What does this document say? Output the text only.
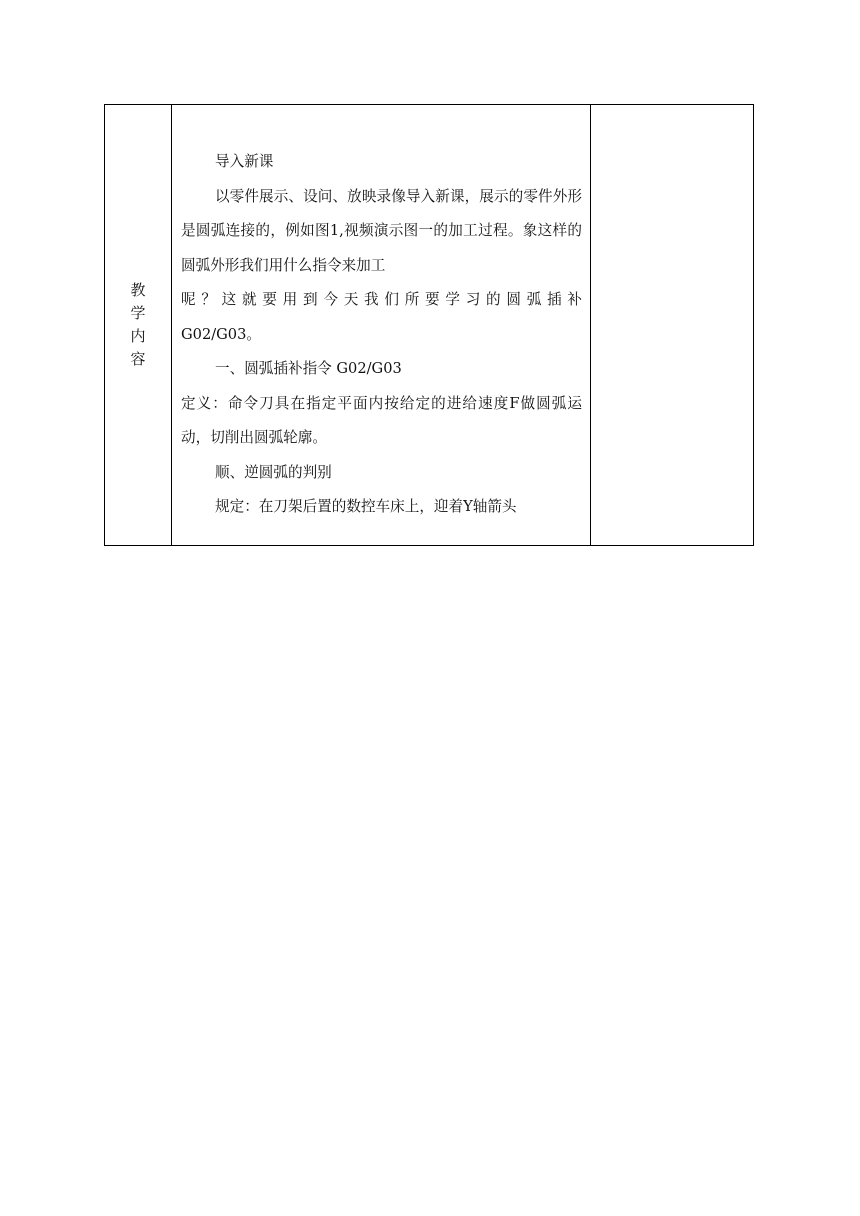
教学内容

导入新课

以零件展示、设问、放映录像导入新课，展示的零件外形是圆弧连接的，例如图1,视频演示图一的加工过程。象这样的圆弧外形我们用什么指令来加工

呢？这就要用到今天我们所要学习的圆弧插补

G02/G03。

一、圆弧插补指令 G02/G03

定义：命令刀具在指定平面内按给定的进给速度F做圆弧运动，切削出圆弧轮廓。

顺、逆圆弧的判别

规定：在刀架后置的数控车床上，迎着Y轴箭头
